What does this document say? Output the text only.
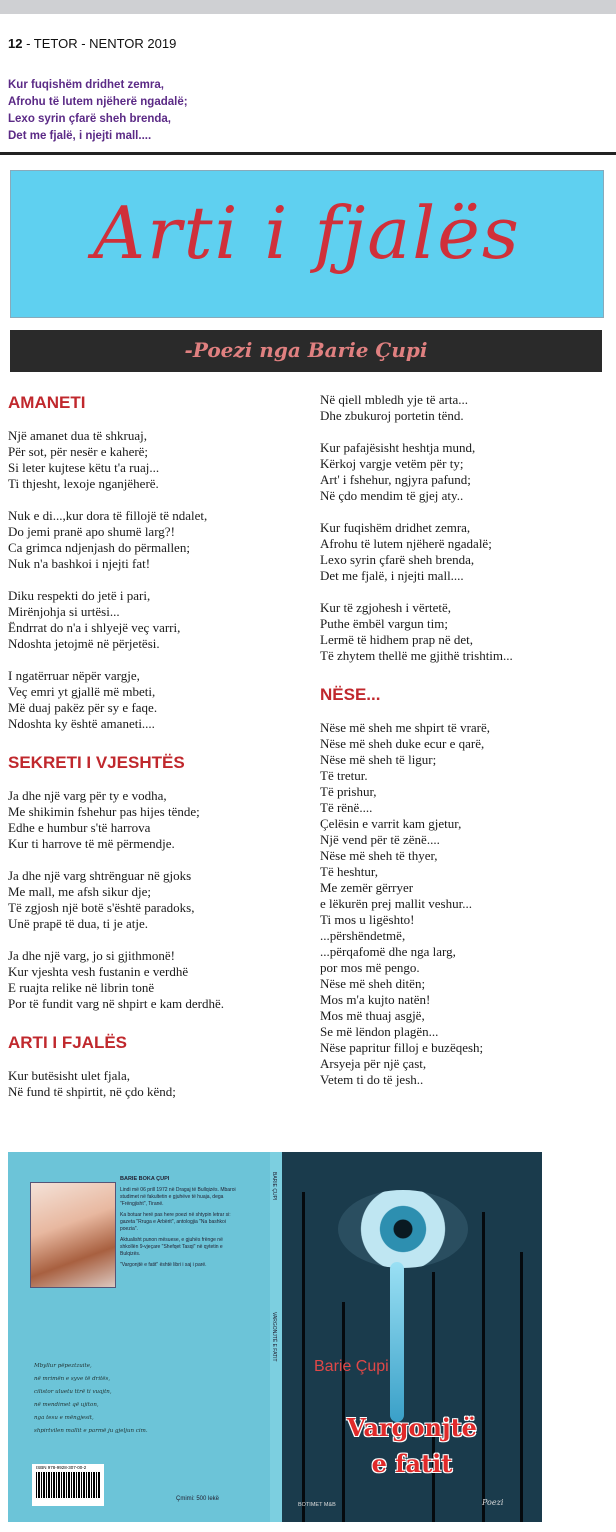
12 - TETOR - NENTOR 2019
Kur fuqishëm dridhet zemra,
Afrohu të lutem njëherë ngadalë;
Lexo syrin çfarë sheh brenda,
Det me fjalë, i njejti mall....
Arti i fjalës
-Poezi nga Barie Çupi
AMANETI
Një amanet dua të shkruaj,
Për sot, për nesër e kaherë;
Si leter kujtese këtu t'a ruaj...
Ti thjesht, lexoje nganjëherë.
Nuk e di...,kur dora të fillojë të ndalet,
Do jemi pranë apo shumë larg?!
Ca grimca ndjenjash do përmallen;
Nuk n'a bashkoi i njejti fat!
Diku respekti do jetë i pari,
Mirënjohja si urtësi...
Ëndrrat do n'a i shlyejë veç varri,
Ndoshta jetojmë në përjetësi.
I ngatërruar nëpër vargje,
Veç emri yt gjallë më mbeti,
Më duaj pakëz për sy e faqe.
Ndoshta ky është amaneti....
SEKRETI I VJESHTËS
Ja dhe një varg për ty e vodha,
Me shikimin fshehur pas hijes tënde;
Edhe e humbur s'të harrova
Kur ti harrove të më përmendje.
Ja dhe një varg shtrënguar në gjoks
Me mall, me afsh sikur dje;
Të zgjosh një botë s'është paradoks,
Unë prapë të dua, ti je atje.
Ja dhe një varg, jo si gjithmonë!
Kur vjeshta vesh fustanin e verdhë
E ruajta relike në librin tonë
Por të fundit varg në shpirt e kam derdhë.
ARTI I FJALËS
Kur butësisht ulet fjala,
Në fund të shpirtit, në çdo kënd;
Në qiell mbledh yje të arta...
Dhe zbukuroj portetin tënd.
Kur pafajësisht heshtja mund,
Kërkoj vargje vetëm për ty;
Art' i fshehur, ngjyra pafund;
Në çdo mendim të gjej aty..
Kur fuqishëm dridhet zemra,
Afrohu të lutem njëherë ngadalë;
Lexo syrin çfarë sheh brenda,
Det me fjalë, i njejti mall....
Kur të zgjohesh i vërtetë,
Puthe ëmbël vargun tim;
Lermë të hidhem prap në det,
Të zhytem thellë me gjithë trishtim...
NËSE...
Nëse më sheh me shpirt të vrarë,
Nëse më sheh duke ecur e qarë,
Nëse më sheh të ligur;
Të tretur.
Të prishur,
Të rënë....
Çelësin e varrit kam gjetur,
Një vend për të zënë....
Nëse më sheh të thyer,
Të heshtur,
Me zemër gërryer
e lëkurën prej mallit veshur...
Ti mos u ligështo!
...përshëndetmë,
...përqafomë dhe nga larg,
por mos më pengo.
Nëse më sheh ditën;
Mos m'a kujto natën!
Mos më thuaj asgjë,
Se më lëndon plagën...
Nëse papritur filloj e buzëqesh;
Arsyeja për një çast,
Vetem ti do të jesh..
BARIE BOKA ÇUPI

Lindi më 06 prill 1972 në Dragaj të Bullqizës. Mbaroi studimet në fakultetin e gjuhëve të huaja, dega "Frëngjisht", Tiranë.

Ka botuar herë pas here poezi në shtypin letrar si: gazeta "Rruga e Arbërit", antologjia "Na bashkoi poezia".

Aktualisht punon mësuese, e gjuhës frënge në shkollën 9-vjeçare "Shefqet Tasqi" në qytetin e Bulqizës.

"Vargonjtë e fatit" është libri i saj i parë.

Mbyllur pëpeztzuite,
në mrimën e syve të dritës,
cilistor uluetu ttrë ti vuajtn,
në mendimet që ujiton,
nga tesu e mëngjesit,
shpirtvilen mallit e parmë ju gjeljun cim.
ISBN 978-9928-307-00-2
Çmimi: 500 lekë
BARIE ÇUPI
VARGONJTË E FATIT
Barie Çupi
Vargonjtë
e fatit
BOTIMET M&B	Poezi
